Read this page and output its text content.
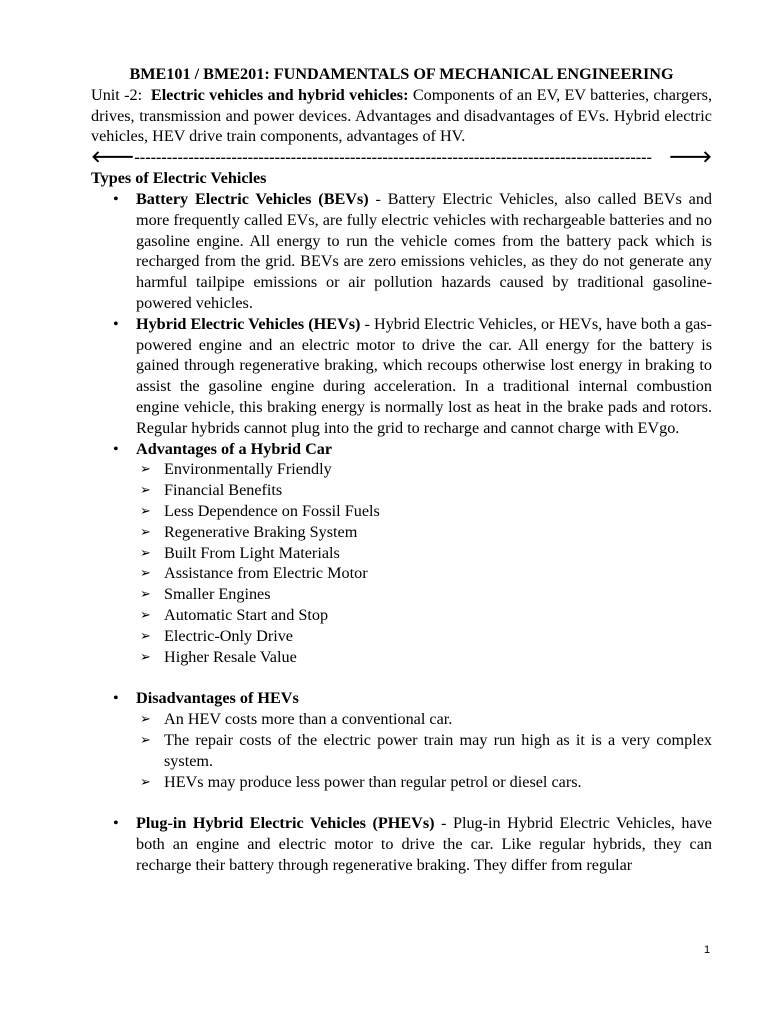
BME101 / BME201: FUNDAMENTALS OF MECHANICAL ENGINEERING

Unit -2: Electric vehicles and hybrid vehicles: Components of an EV, EV batteries, chargers, drives, transmission and power devices. Advantages and disadvantages of EVs. Hybrid electric vehicles, HEV drive train components, advantages of HV.

🡐 ------------------------------------------------------------------------------------------------	🡒

Types of Electric Vehicles

• Battery Electric Vehicles (BEVs) - Battery Electric Vehicles, also called BEVs and more frequently called EVs, are fully electric vehicles with rechargeable batteries and no gasoline engine. All energy to run the vehicle comes from the battery pack which is recharged from the grid. BEVs are zero emissions vehicles, as they do not generate any harmful tailpipe emissions or air pollution hazards caused by traditional gasoline-powered vehicles.
• Hybrid Electric Vehicles (HEVs) - Hybrid Electric Vehicles, or HEVs, have both a gas-powered engine and an electric motor to drive the car. All energy for the battery is gained through regenerative braking, which recoups otherwise lost energy in braking to assist the gasoline engine during acceleration. In a traditional internal combustion engine vehicle, this braking energy is normally lost as heat in the brake pads and rotors. Regular hybrids cannot plug into the grid to recharge and cannot charge with EVgo.
• Advantages of a Hybrid Car
➢ Environmentally Friendly
➢ Financial Benefits
➢ Less Dependence on Fossil Fuels
➢ Regenerative Braking System
➢ Built From Light Materials
➢ Assistance from Electric Motor
➢ Smaller Engines
➢ Automatic Start and Stop
➢ Electric-Only Drive
➢ Higher Resale Value
• Disadvantages of HEVs
➢ An HEV costs more than a conventional car.
➢ The repair costs of the electric power train may run high as it is a very complex system.
➢ HEVs may produce less power than regular petrol or diesel cars.
• Plug-in Hybrid Electric Vehicles (PHEVs) - Plug-in Hybrid Electric Vehicles, have both an engine and electric motor to drive the car. Like regular hybrids, they can recharge their battery through regenerative braking. They differ from regular
1
